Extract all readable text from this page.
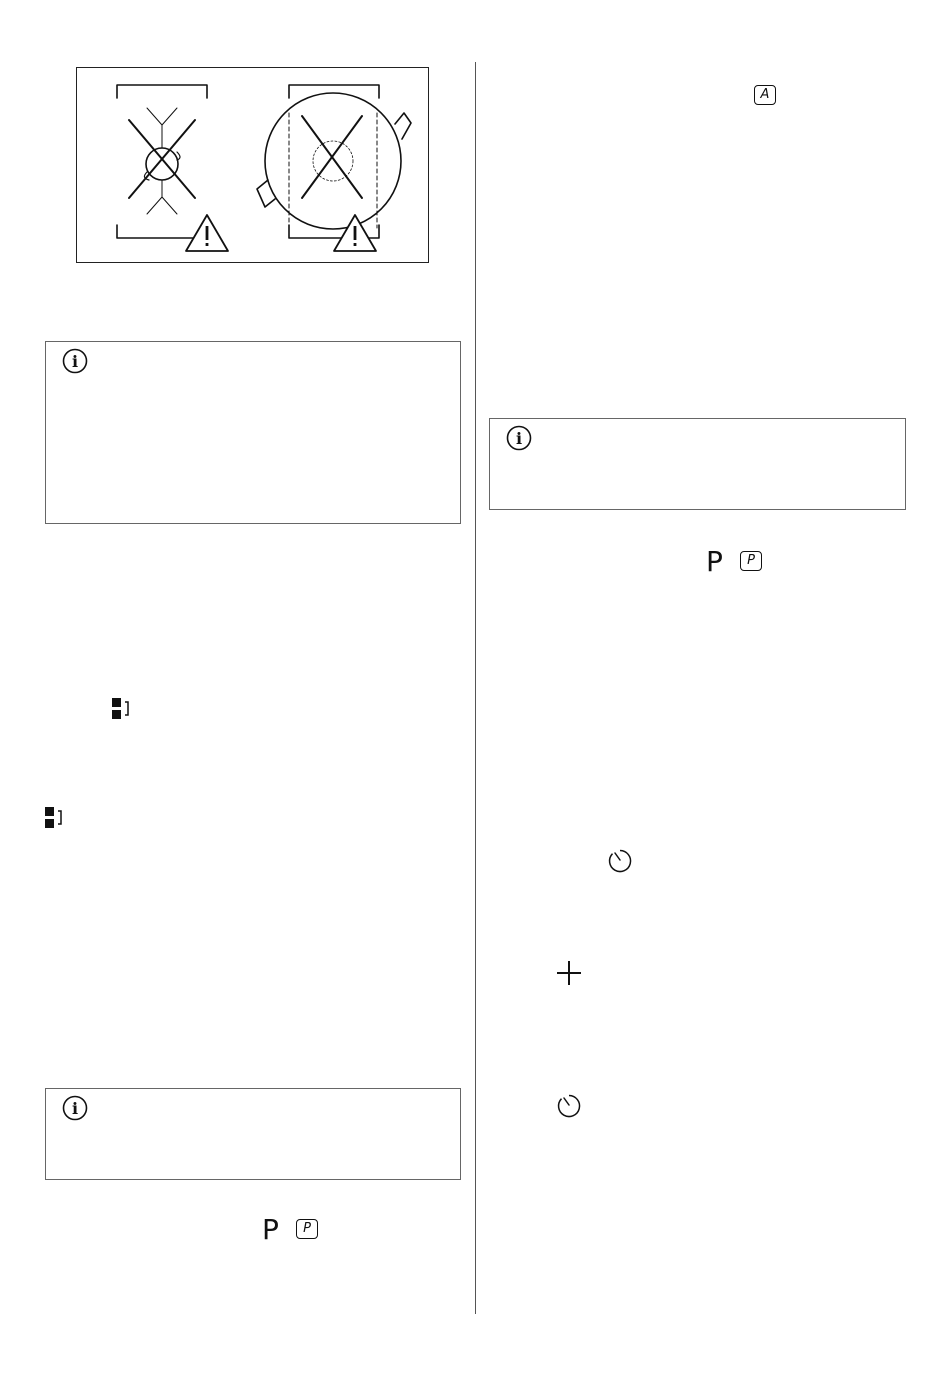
i
i
i
P	P
A
P	P
